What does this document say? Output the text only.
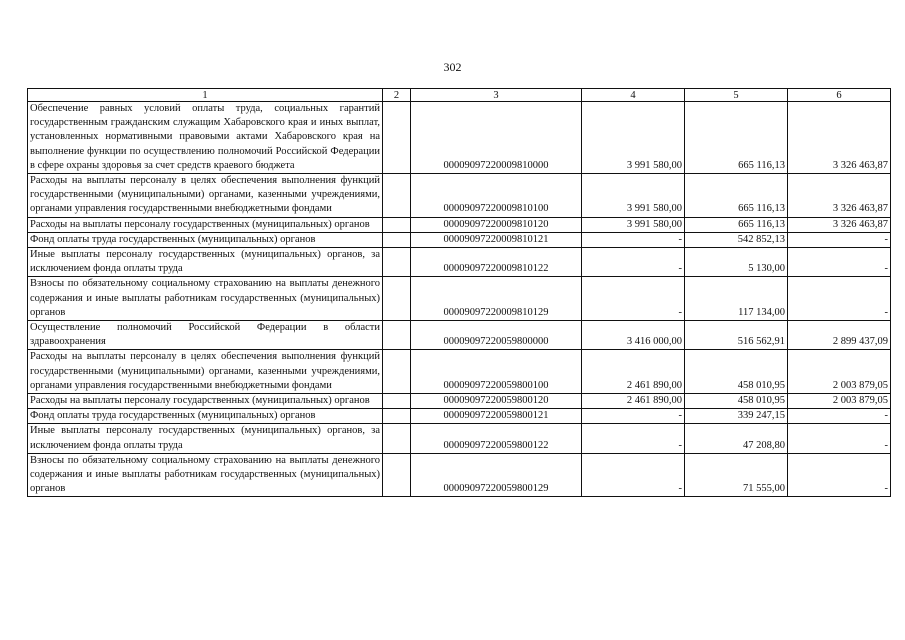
302
1	2	3	4	5	6
Обеспечение равных условий оплаты труда, социальных гарантий государственным гражданским служащим Хабаровского края и иных выплат, установленных нормативными правовыми актами Хабаровского края на выполнение функции по осуществлению полномочий Российской Федерации в сфере охраны здоровья за счет средств краевого бюджета		00009097220009810000	3 991 580,00	665 116,13	3 326 463,87
Расходы на выплаты персоналу в целях обеспечения выполнения функций государственными (муниципальными) органами, казенными учреждениями, органами управления государственными внебюджетными фондами		00009097220009810100	3 991 580,00	665 116,13	3 326 463,87
Расходы на выплаты персоналу государственных (муниципальных) органов		00009097220009810120	3 991 580,00	665 116,13	3 326 463,87
Фонд оплаты труда государственных (муниципальных) органов		00009097220009810121	-	542 852,13	-
Иные выплаты персоналу государственных (муниципальных) органов, за исключением фонда оплаты труда		00009097220009810122	-	5 130,00	-
Взносы по обязательному социальному страхованию на выплаты денежного содержания и иные выплаты работникам государственных (муниципальных) органов		00009097220009810129	-	117 134,00	-
Осуществление полномочий Российской Федерации в области здравоохранения		00009097220059800000	3 416 000,00	516 562,91	2 899 437,09
Расходы на выплаты персоналу в целях обеспечения выполнения функций государственными (муниципальными) органами, казенными учреждениями, органами управления государственными внебюджетными фондами		00009097220059800100	2 461 890,00	458 010,95	2 003 879,05
Расходы на выплаты персоналу государственных (муниципальных) органов		00009097220059800120	2 461 890,00	458 010,95	2 003 879,05
Фонд оплаты труда государственных (муниципальных) органов		00009097220059800121	-	339 247,15	-
Иные выплаты персоналу государственных (муниципальных) органов, за исключением фонда оплаты труда		00009097220059800122	-	47 208,80	-
Взносы по обязательному социальному страхованию на выплаты денежного содержания и иные выплаты работникам государственных (муниципальных) органов		00009097220059800129	-	71 555,00	-
